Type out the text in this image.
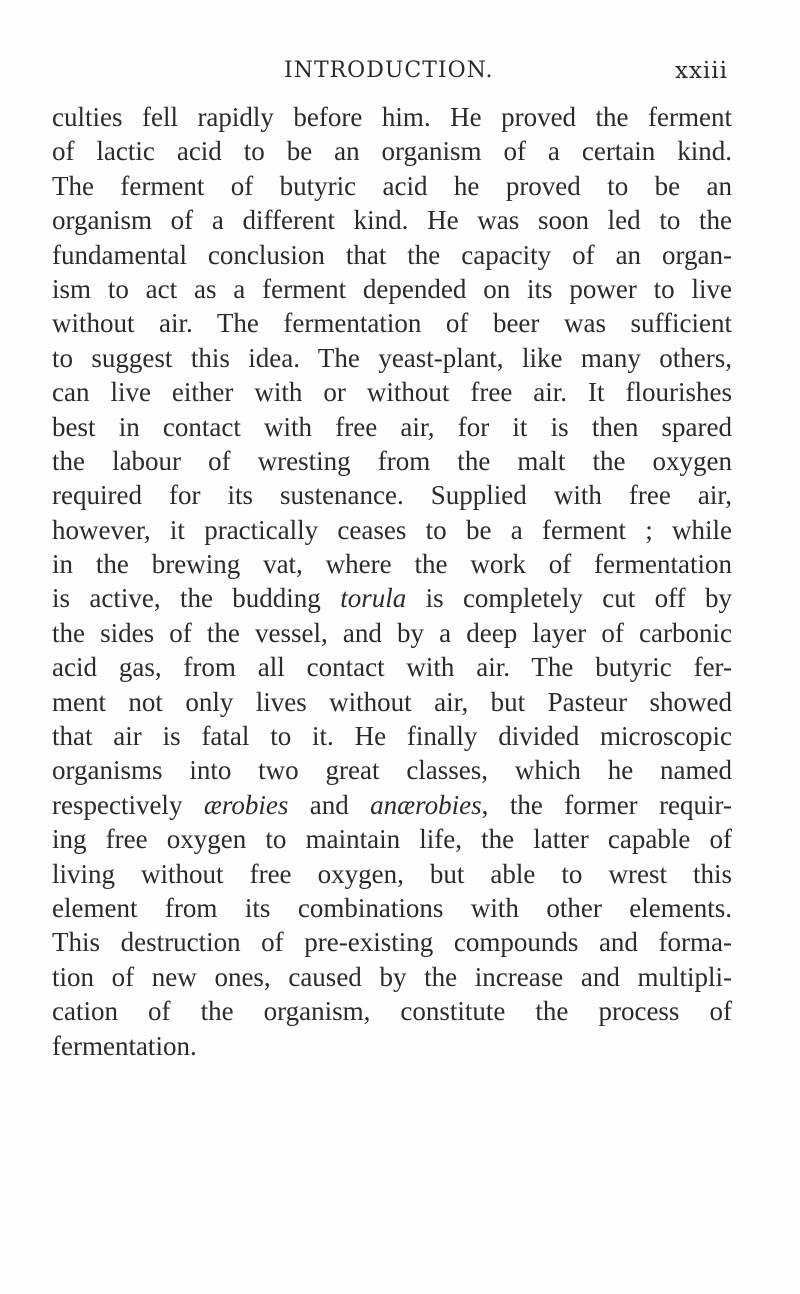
INTRODUCTION.	xxiii
culties fell rapidly before him. He proved the ferment
of lactic acid to be an organism of a certain kind.
The ferment of butyric acid he proved to be an
organism of a different kind. He was soon led to the
fundamental conclusion that the capacity of an organ-
ism to act as a ferment depended on its power to live
without air. The fermentation of beer was sufficient
to suggest this idea. The yeast-plant, like many others,
can live either with or without free air. It flourishes
best in contact with free air, for it is then spared
the labour of wresting from the malt the oxygen
required for its sustenance. Supplied with free air,
however, it practically ceases to be a ferment ; while
in the brewing vat, where the work of fermentation
is active, the budding torula is completely cut off by
the sides of the vessel, and by a deep layer of carbonic
acid gas, from all contact with air. The butyric fer-
ment not only lives without air, but Pasteur showed
that air is fatal to it. He finally divided microscopic
organisms into two great classes, which he named
respectively ærobies and anærobies, the former requir-
ing free oxygen to maintain life, the latter capable of
living without free oxygen, but able to wrest this
element from its combinations with other elements.
This destruction of pre-existing compounds and forma-
tion of new ones, caused by the increase and multipli-
cation of the organism, constitute the process of
fermentation.
